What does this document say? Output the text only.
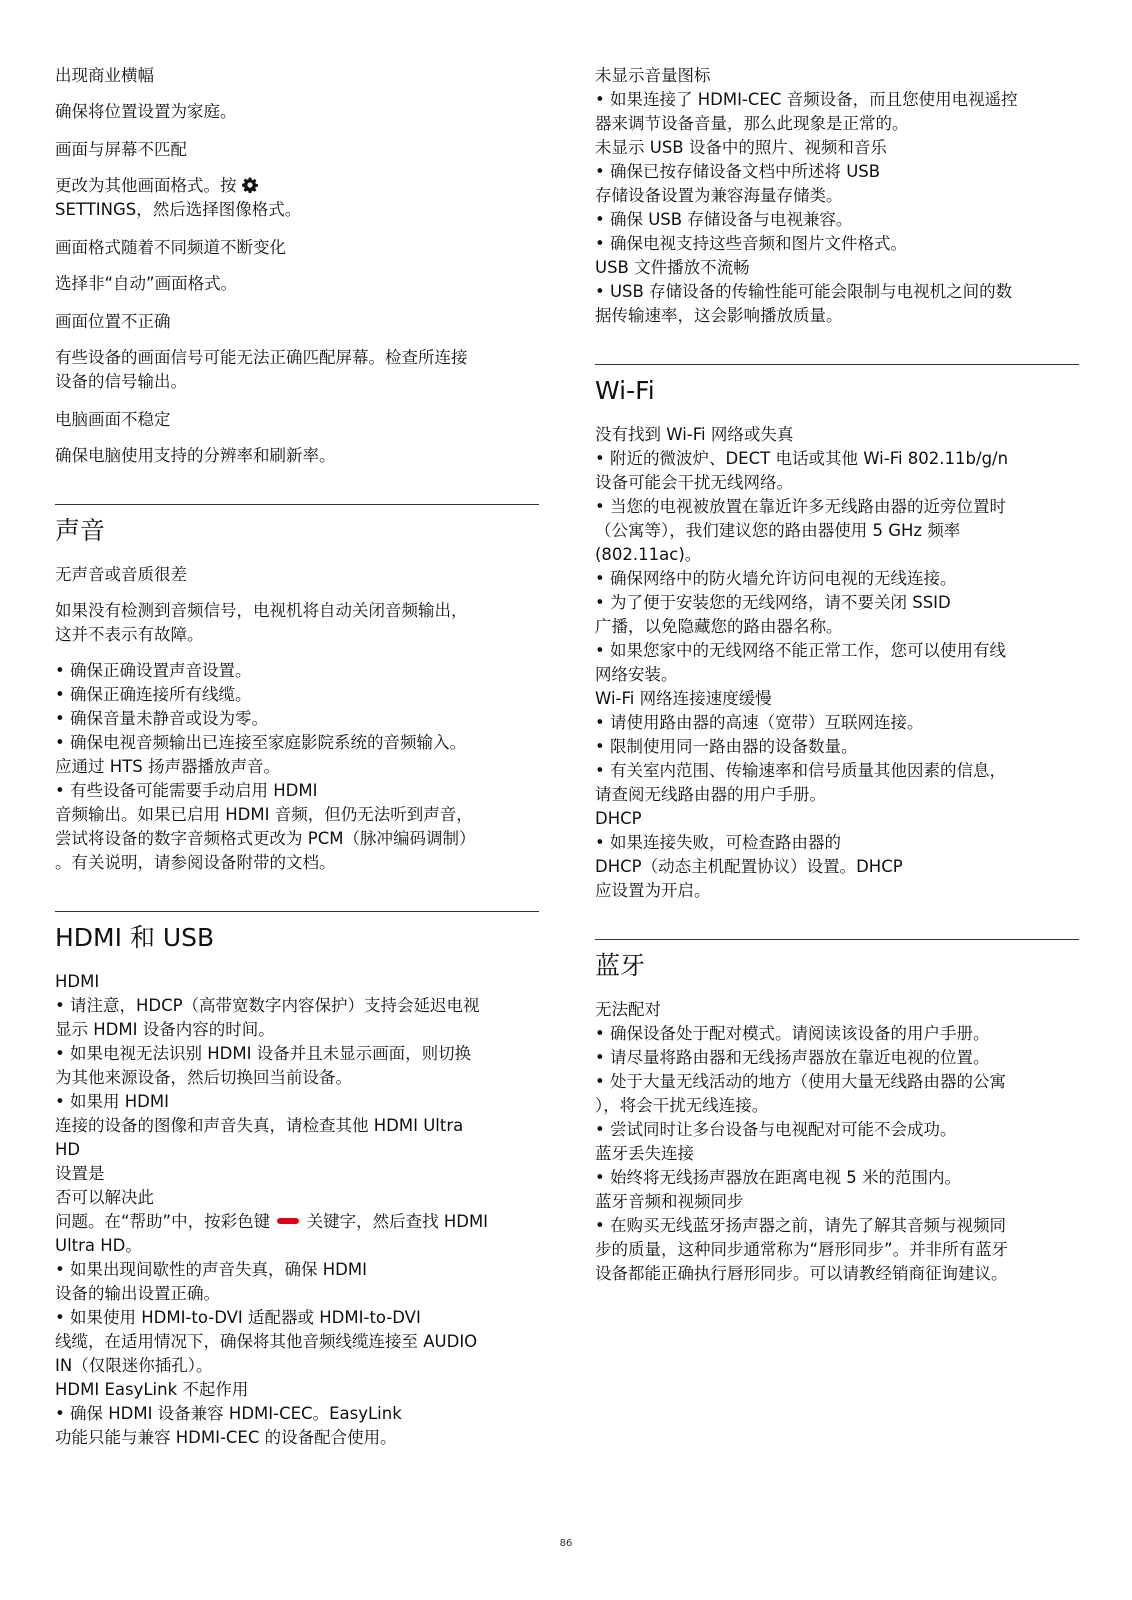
出现商业横幅

确保将位置设置为家庭。

画面与屏幕不匹配

更改为其他画面格式。按
SETTINGS，然后选择图像格式。

画面格式随着不同频道不断变化

选择非“自动”画面格式。

画面位置不正确

有些设备的画面信号可能无法正确匹配屏幕。检查所连接
设备的信号输出。

电脑画面不稳定

确保电脑使用支持的分辨率和刷新率。

声音

无声音或音质很差

如果没有检测到音频信号，电视机将自动关闭音频输出，
这并不表示有故障。

• 确保正确设置声音设置。
• 确保正确连接所有线缆。
• 确保音量未静音或设为零。
• 确保电视音频输出已连接至家庭影院系统的音频输入。
应通过 HTS 扬声器播放声音。
• 有些设备可能需要手动启用 HDMI
音频输出。如果已启用 HDMI 音频，但仍无法听到声音，
尝试将设备的数字音频格式更改为 PCM（脉冲编码调制）
。有关说明，请参阅设备附带的文档。

HDMI 和 USB

HDMI

• 请注意，HDCP（高带宽数字内容保护）支持会延迟电视
显示 HDMI 设备内容的时间。
• 如果电视无法识别 HDMI 设备并且未显示画面，则切换
为其他来源设备，然后切换回当前设备。
• 如果用 HDMI
连接的设备的图像和声音失真，请检查其他 HDMI Ultra
HD
设置是
否可以解决此
问题。在“帮助”中，按彩色键  关键字，然后查找 HDMI
Ultra HD。
• 如果出现间歇性的声音失真，确保 HDMI
设备的输出设置正确。
• 如果使用 HDMI-to-DVI 适配器或 HDMI-to-DVI
线缆，在适用情况下，确保将其他音频线缆连接至 AUDIO
IN（仅限迷你插孔）。

HDMI EasyLink 不起作用

• 确保 HDMI 设备兼容 HDMI-CEC。EasyLink
功能只能与兼容 HDMI-CEC 的设备配合使用。

未显示音量图标

• 如果连接了 HDMI-CEC 音频设备，而且您使用电视遥控
器来调节设备音量，那么此现象是正常的。

未显示 USB 设备中的照片、视频和音乐

• 确保已按存储设备文档中所述将 USB
存储设备设置为兼容海量存储类。
• 确保 USB 存储设备与电视兼容。
• 确保电视支持这些音频和图片文件格式。

USB 文件播放不流畅

• USB 存储设备的传输性能可能会限制与电视机之间的数
据传输速率，这会影响播放质量。

Wi-Fi

没有找到 Wi-Fi 网络或失真

• 附近的微波炉、DECT 电话或其他 Wi-Fi 802.11b/g/n
设备可能会干扰无线网络。
• 当您的电视被放置在靠近许多无线路由器的近旁位置时
（公寓等），我们建议您的路由器使用 5 GHz 频率
(802.11ac)。
• 确保网络中的防火墙允许访问电视的无线连接。
• 为了便于安装您的无线网络，请不要关闭 SSID
广播，以免隐藏您的路由器名称。
• 如果您家中的无线网络不能正常工作，您可以使用有线
网络安装。

Wi-Fi 网络连接速度缓慢

• 请使用路由器的高速（宽带）互联网连接。
• 限制使用同一路由器的设备数量。
• 有关室内范围、传输速率和信号质量其他因素的信息，
请查阅无线路由器的用户手册。

DHCP

• 如果连接失败，可检查路由器的
DHCP（动态主机配置协议）设置。DHCP
应设置为开启。

蓝牙

无法配对

• 确保设备处于配对模式。请阅读该设备的用户手册。
• 请尽量将路由器和无线扬声器放在靠近电视的位置。
• 处于大量无线活动的地方（使用大量无线路由器的公寓
），将会干扰无线连接。
• 尝试同时让多台设备与电视配对可能不会成功。

蓝牙丢失连接

• 始终将无线扬声器放在距离电视 5 米的范围内。

蓝牙音频和视频同步

• 在购买无线蓝牙扬声器之前，请先了解其音频与视频同
步的质量，这种同步通常称为“唇形同步”。并非所有蓝牙
设备都能正确执行唇形同步。可以请教经销商征询建议。

86
